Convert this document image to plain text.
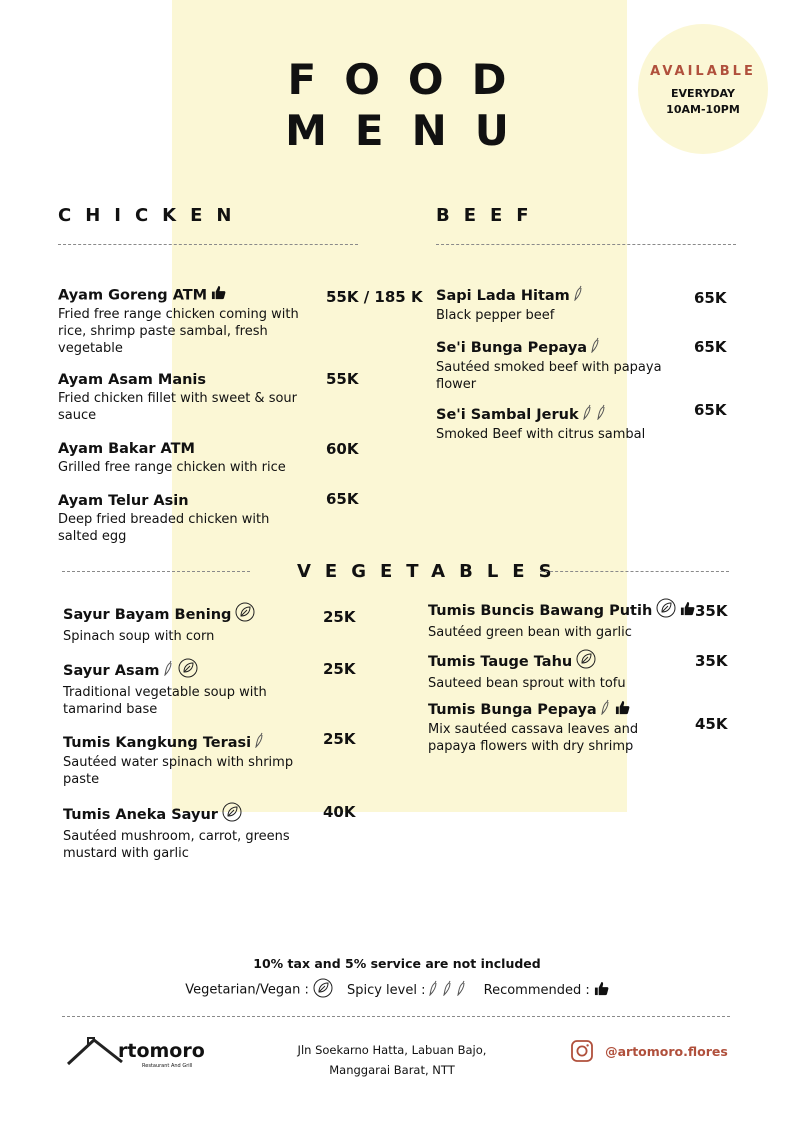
FOOD
MENU
AVAILABLE
EVERYDAY
10AM-10PM
CHICKEN	BEEF
Ayam Goreng ATM
Fried free range chicken coming with rice, shrimp paste sambal, fresh vegetable
55K / 185 K
Ayam Asam Manis
Fried chicken fillet with sweet & sour sauce
55K
Ayam Bakar ATM
Grilled free range chicken with rice
60K
Ayam Telur Asin
Deep fried breaded chicken with salted egg
65K
Sapi Lada Hitam
Black pepper beef
65K
Se'i Bunga Pepaya
Sautéed smoked beef with papaya flower
65K
Se'i Sambal Jeruk
Smoked Beef with citrus sambal
65K
VEGETABLES
Sayur Bayam Bening
Spinach soup with corn
25K
Sayur Asam
Traditional vegetable soup with tamarind base
25K
Tumis Kangkung Terasi
Sautéed water spinach with shrimp paste
25K
Tumis Aneka Sayur
Sautéed mushroom, carrot, greens mustard with garlic
40K
Tumis Buncis Bawang Putih
Sautéed green bean with garlic
35K
Tumis Tauge Tahu
Sauteed bean sprout with tofu
35K
Tumis Bunga Pepaya
Mix sautéed cassava leaves and papaya flowers with dry shrimp
45K
10% tax and 5% service are not included
Vegetarian/Vegan :	Spicy level :	Recommended :
rtomoro
Restaurant And Grill
Jln Soekarno Hatta, Labuan Bajo,
Manggarai Barat, NTT
@artomoro.flores
